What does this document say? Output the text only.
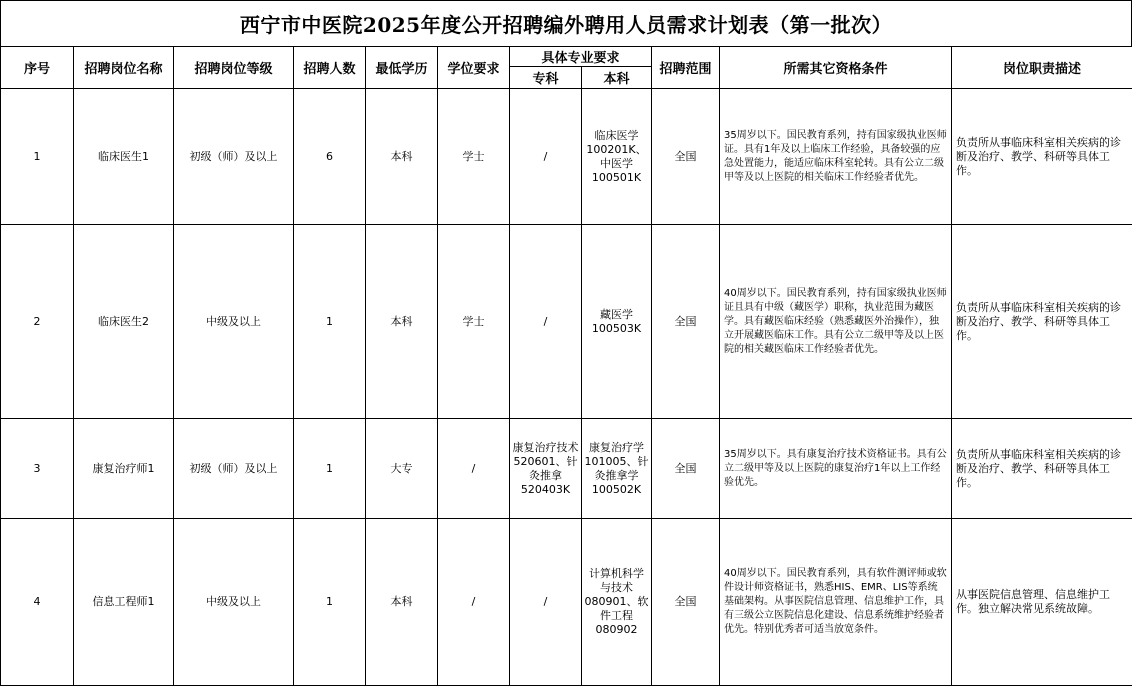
西宁市中医院2025年度公开招聘编外聘用人员需求计划表（第一批次）
序号	招聘岗位名称	招聘岗位等级	招聘人数	最低学历	学位要求	具体专业要求		招聘范围	所需其它资格条件	岗位职责描述
						专科	本科			
1	临床医生1	初级（师）及以上	6	本科	学士	/	临床医学100201K、中医学100501K	全国	35周岁以下。国民教育系列，持有国家级执业医师证。具有1年及以上临床工作经验，具备较强的应急处置能力，能适应临床科室轮转。具有公立二级甲等及以上医院的相关临床工作经验者优先。	负责所从事临床科室相关疾病的诊断及治疗、教学、科研等具体工作。
2	临床医生2	中级及以上	1	本科	学士	/	藏医学100503K	全国	40周岁以下。国民教育系列，持有国家级执业医师证且具有中级（藏医学）职称，执业范围为藏医学。具有藏医临床经验（熟悉藏医外治操作），独立开展藏医临床工作。具有公立二级甲等及以上医院的相关藏医临床工作经验者优先。	负责所从事临床科室相关疾病的诊断及治疗、教学、科研等具体工作。
3	康复治疗师1	初级（师）及以上	1	大专	/	康复治疗技术520601、针灸推拿520403K	康复治疗学101005、针灸推拿学100502K	全国	35周岁以下。具有康复治疗技术资格证书。具有公立二级甲等及以上医院的康复治疗1年以上工作经验优先。	负责所从事临床科室相关疾病的诊断及治疗、教学、科研等具体工作。
4	信息工程师1	中级及以上	1	本科	/	/	计算机科学与技术080901、软件工程080902	全国	40周岁以下。国民教育系列，具有软件测评师或软件设计师资格证书，熟悉HIS、EMR、LIS等系统基础架构。从事医院信息管理、信息维护工作，具有三级公立医院信息化建设、信息系统维护经验者优先。特别优秀者可适当放宽条件。	从事医院信息管理、信息维护工作。独立解决常见系统故障。
